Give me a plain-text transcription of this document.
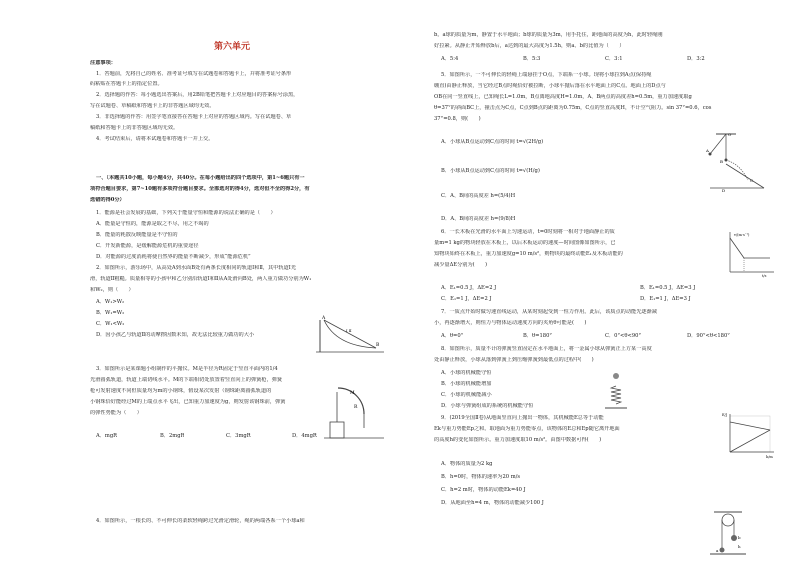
第六单元
注意事项：
1．答题前，先将自己的姓名、准考证号填写在试题卷和答题卡上，并将准考证号条形
码粘贴在答题卡上的指定位置。
2．选择题的作答：每小题选出答案后，用2B铅笔把答题卡上对应题目的答案标号涂黑，
写在试题卷、草稿纸和答题卡上的非答题区域均无效。
3．非选择题的作答：用签字笔直接答在答题卡上对应的答题区域内。写在试题卷、草
稿纸和答题卡上的非答题区域均无效。
4．考试结束后，请将本试题卷和答题卡一并上交。
一、（本题共10小题，每小题4分，共40分。在每小题给出的四个选项中，第1~6题只有一
项符合题目要求，第7~10题有多项符合题目要求。全部选对的得4分，选对但不全的得2分，有
选错的得0分）
1．能源是社会发展的基础，下列关于能量守恒和能源的说法正确的是（　　）
A．能量是守恒的，能源是取之不尽，用之不竭的
B．能量的耗散反映能量是不守恒的
C．开发新能源，是缓解能源危机的重要途径
D．对能源的过度消耗将使自然界的能量不断减少，形成“能源危机”
2．如图所示，游乐场中，从高处A到水面B处有两条长度相同的轨道Ⅰ和Ⅱ，其中轨道Ⅰ光
滑，轨道Ⅱ粗糙。质量相等的小孩甲和乙分别沿轨道Ⅰ和Ⅱ从A处滑向B处，两人重力做功分别为W₁
和W₂，则（　　）
A．W₁>W₂
B．W₁=W₂
C．W₁<W₂
D．因小孩乙与轨道Ⅱ的动摩擦因数未知，故无法比较重力做功的大小
A
B
Ⅰ Ⅱ
3．如图所示是某课题小组制作的平抛仪。M是半径为R固定于竖直平面内的1/4
光滑圆弧轨道，轨道上端切线水平。M的下端相切处放置着竖直向上的弹簧枪，弹簧
枪可发射速度不同但质量均为m的小钢珠，假设某次发射（钢珠距离圆弧轨道的
小钢珠恰好能经过M的上端点水平飞出，已知重力加速度为g，则发射该钢珠前，弹簧
的弹性势能为（　　）
A．mgR	B．2mgR	C．3mgR	D．4mgR
M
R
4．如图所示，一根长的、不可伸长的柔软轻绳跨过光滑定滑轮，绳的两端各系一个小球a和
b。a球的质量为m，静置于水平地面；b球的质量为3m，用手托住，距地面的高度为h，此时轻绳刚
好拉紧。从静止开始释放b后，a达到的最大高度为1.5h，则a、b的比值为（　　）
A．5:4	B．5:3	C．3:1	D．3:2
5．如图所示，一不可伸长的轻绳上端悬挂于O点，下端系一小球。现将小球拉到A点(保持绳
绷直)由静止释放，当它经过B点时绳恰好被拉断，小球平抛后落在水平地面上的C点。地面上的D点与
OB在同一竖直线上，已知绳长L=1.0m，B点离地高度H=1.0m，A、B两点的高度差h=0.5m，重力加速度取g
θ=37°的斜面BC上，撞击点为C点，C点到B点的距离为0.75m，C点的竖直高度H，不计空气阻力。sin 37°=0.6，cos
37°=0.8，则(　　)
A．小球从B点运动到C点的时间 t=√(2H/g)
B．小球从B点运动到C点的时间 t=√(H/g)
C．A、B间的高度差 h=(5/4)H
D．A、B间的高度差 h=(9/8)H
O
A
B
C
D
6．一长木板在光滑的水平面上匀速运动，t=0时刻将一相对于地面静止的质
量m=1 kg的物块轻放在木板上，以后木板运动的速度—时间图像如图所示，已
知物块始终在木板上，重力加速度g=10 m/s²，则物块的最终动能E₁及木板动能的
减少量ΔE分别为(　　)
A．E₁=0.5 J，ΔE=2 J	B．E₁=0.5 J，ΔE=3 J
C．E₁=1 J，ΔE=2 J	D．E₁=1 J，ΔE=3 J
v/(m·s⁻¹)
t/s
7．一质点开始时做匀速直线运动，从某时刻起受到一恒力作用。此后，该质点的动能先逐渐减
小，再逐渐增大，则恒力与物体运动速度方向的夹角θ可能是(　　)
A．θ=0°	B．θ=180°	C．0°<θ<90°	D．90°<θ<180°
8．如图所示，质量不计的弹簧竖直固定在水平地面上，将一金属小球从弹簧正上方某一高度
处由静止释放，小球从落到弹簧上到压缩弹簧到最低点的过程中(　　)
A．小球的机械能守恒
B．小球的机械能增加
C．小球的机械能减小
D．小球与弹簧组成的系统的机械能守恒
9．(2019全国Ⅱ卷)从地面竖直向上抛出一物体，其机械能E总等于动能
Ek与重力势能Ep之和。取地面为重力势能零点，该物体的E总和Ep随它离开地面
的高度h的变化如图所示。重力加速度取10 m/s²。由图中数据可得(　　)
A．物体的质量为2 kg
B．h=0时，物体的速率为20 m/s
C．h=2 m时，物体的动能Ek=40 J
D．从地面至h=4 m，物体的动能减少100 J
E/J
h/m
a
b
h
